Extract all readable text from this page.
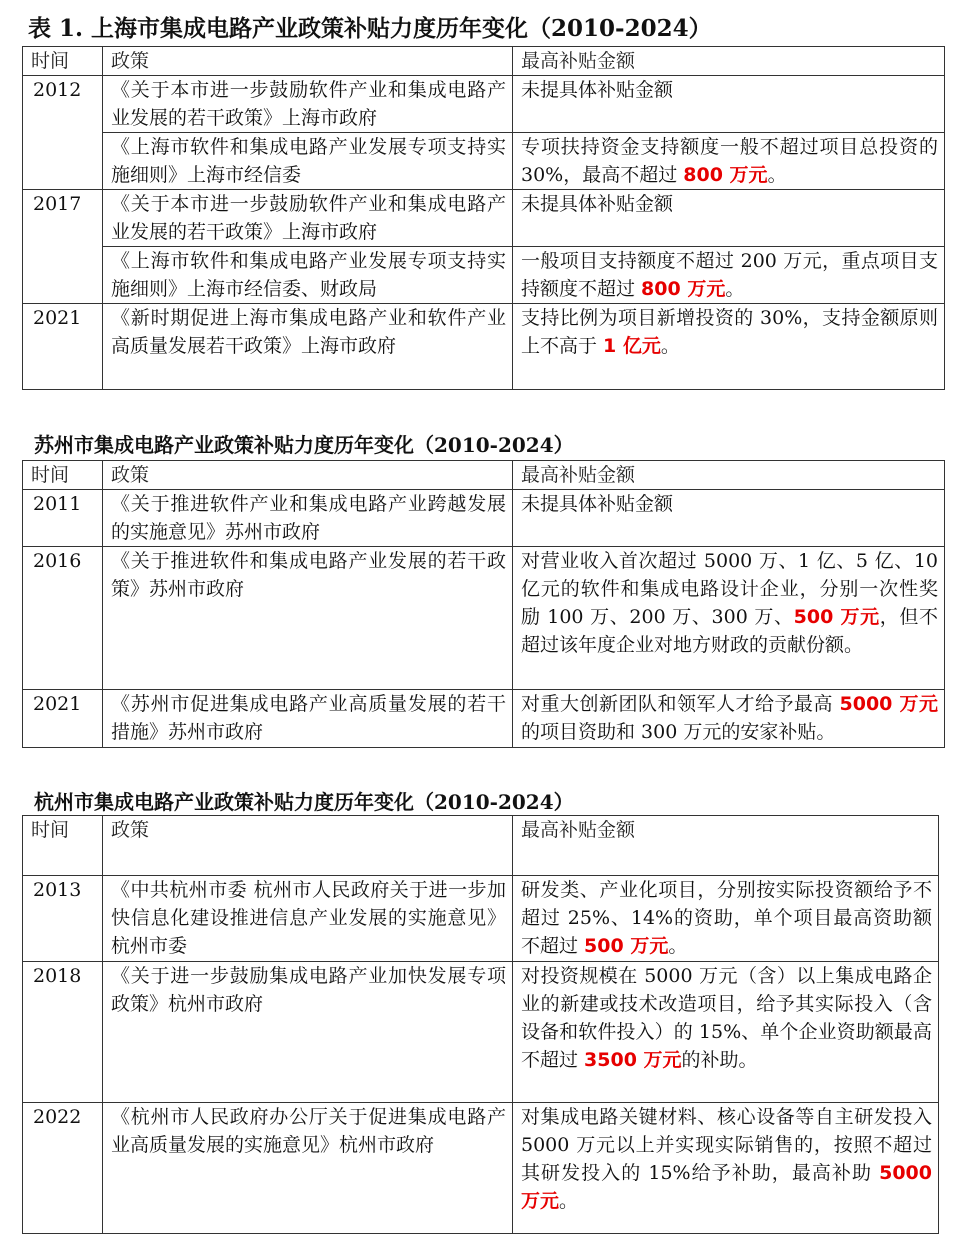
表 1. 上海市集成电路产业政策补贴力度历年变化（2010-2024）
时间	政策	最高补贴金额
2012	《关于本市进一步鼓励软件产业和集成电路产业发展的若干政策》上海市政府	未提具体补贴金额
	《上海市软件和集成电路产业发展专项支持实施细则》上海市经信委	专项扶持资金支持额度一般不超过项目总投资的 30%，最高不超过 800 万元。
2017	《关于本市进一步鼓励软件产业和集成电路产业发展的若干政策》上海市政府	未提具体补贴金额
	《上海市软件和集成电路产业发展专项支持实施细则》上海市经信委、财政局	一般项目支持额度不超过 200 万元，重点项目支持额度不超过 800 万元。
2021	《新时期促进上海市集成电路产业和软件产业高质量发展若干政策》上海市政府	支持比例为项目新增投资的 30%，支持金额原则上不高于 1 亿元。
苏州市集成电路产业政策补贴力度历年变化（2010-2024）
时间	政策	最高补贴金额
2011	《关于推进软件产业和集成电路产业跨越发展的实施意见》苏州市政府	未提具体补贴金额
2016	《关于推进软件和集成电路产业发展的若干政策》苏州市政府	对营业收入首次超过 5000 万、1 亿、5 亿、10 亿元的软件和集成电路设计企业，分别一次性奖励 100 万、200 万、300 万、500 万元，但不超过该年度企业对地方财政的贡献份额。
2021	《苏州市促进集成电路产业高质量发展的若干措施》苏州市政府	对重大创新团队和领军人才给予最高 5000 万元的项目资助和 300 万元的安家补贴。
杭州市集成电路产业政策补贴力度历年变化（2010-2024）
时间	政策	最高补贴金额
2013	《中共杭州市委 杭州市人民政府关于进一步加快信息化建设推进信息产业发展的实施意见》杭州市委	研发类、产业化项目，分别按实际投资额给予不超过 25%、14%的资助，单个项目最高资助额不超过 500 万元。
2018	《关于进一步鼓励集成电路产业加快发展专项政策》杭州市政府	对投资规模在 5000 万元（含）以上集成电路企业的新建或技术改造项目，给予其实际投入（含设备和软件投入）的 15%、单个企业资助额最高不超过 3500 万元的补助。
2022	《杭州市人民政府办公厅关于促进集成电路产业高质量发展的实施意见》杭州市政府	对集成电路关键材料、核心设备等自主研发投入 5000 万元以上并实现实际销售的，按照不超过其研发投入的 15%给予补助，最高补助 5000 万元。
